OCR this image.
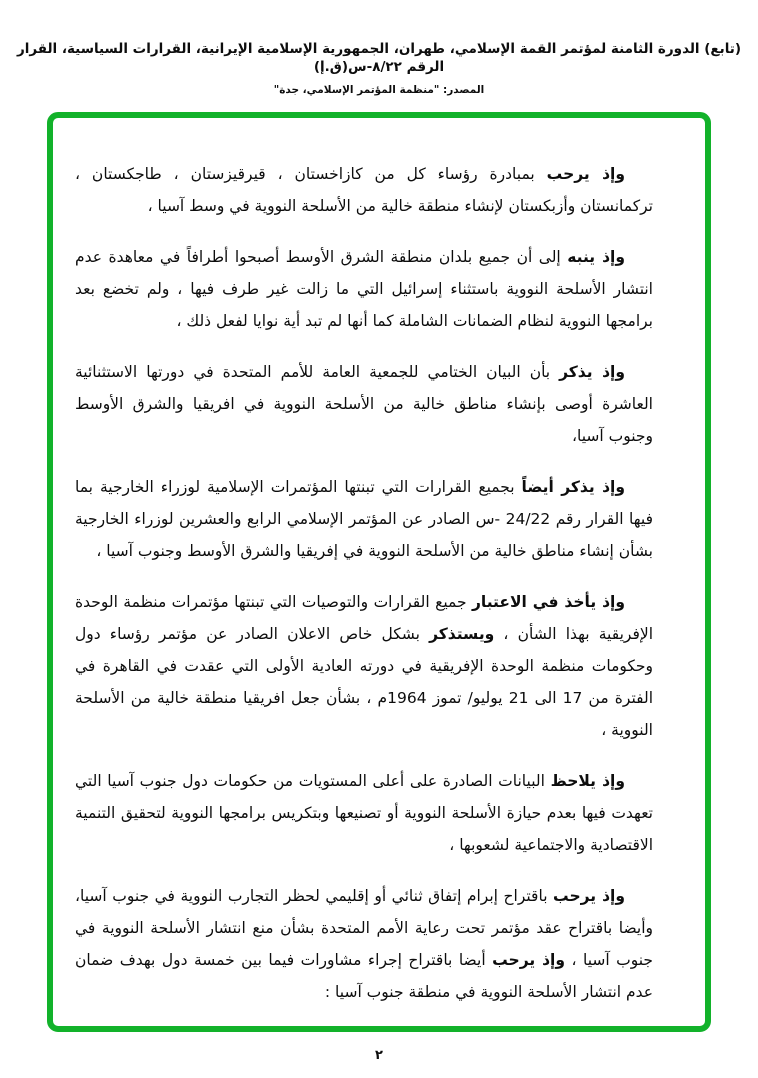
(تابع) الدورة الثامنة لمؤتمر القمة الإسلامي، طهران، الجمهورية الإسلامية الإيرانية، القرارات السياسية، القرار الرقم ٨/٢٢-س(ق.إ)
المصدر: "منظمة المؤتمر الإسلامي، جدة"

وإذ يرحب بمبادرة رؤساء كل من كازاخستان ، قيرقيزستان ، طاجكستان ، تركمانستان وأزبكستان لإنشاء منطقة خالية من الأسلحة النووية في وسط آسيا ،

وإذ ينبه إلى أن جميع بلدان منطقة الشرق الأوسط أصبحوا أطرافاً في معاهدة عدم انتشار الأسلحة النووية باستثناء إسرائيل التي ما زالت غير طرف فيها ، ولم تخضع بعد برامجها النووية لنظام الضمانات الشاملة كما أنها لم تبد أية نوايا لفعل ذلك ،

وإذ يذكر بأن البيان الختامي للجمعية العامة للأمم المتحدة في دورتها الاستثنائية العاشرة أوصى بإنشاء مناطق خالية من الأسلحة النووية في افريقيا والشرق الأوسط وجنوب آسيا،

وإذ يذكر أيضاً بجميع القرارات التي تبنتها المؤتمرات الإسلامية لوزراء الخارجية بما فيها القرار رقم 24/22 -س الصادر عن المؤتمر الإسلامي الرابع والعشرين لوزراء الخارجية بشأن إنشاء مناطق خالية من الأسلحة النووية في إفريقيا والشرق الأوسط وجنوب آسيا ،

وإذ يأخذ في الاعتبار جميع القرارات والتوصيات التي تبنتها مؤتمرات منظمة الوحدة الإفريقية بهذا الشأن ، ويستذكر بشكل خاص الاعلان الصادر عن مؤتمر رؤساء دول وحكومات منظمة الوحدة الإفريقية في دورته العادية الأولى التي عقدت في القاهرة في الفترة من 17 الى 21 يوليو/ تموز 1964م ، بشأن جعل افريقيا منطقة خالية من الأسلحة النووية ،

وإذ يلاحظ البيانات الصادرة على أعلى المستويات من حكومات دول جنوب آسيا التي تعهدت فيها بعدم حيازة الأسلحة النووية أو تصنيعها وبتكريس برامجها النووية لتحقيق التنمية الاقتصادية والاجتماعية لشعوبها ،

وإذ يرحب باقتراح إبرام إتفاق ثنائي أو إقليمي لحظر التجارب النووية في جنوب آسيا، وأيضا باقتراح عقد مؤتمر تحت رعاية الأمم المتحدة بشأن منع انتشار الأسلحة النووية في جنوب آسيا ، وإذ يرحب أيضا باقتراح إجراء مشاورات فيما بين خمسة دول بهدف ضمان عدم انتشار الأسلحة النووية في منطقة جنوب آسيا :

٢
